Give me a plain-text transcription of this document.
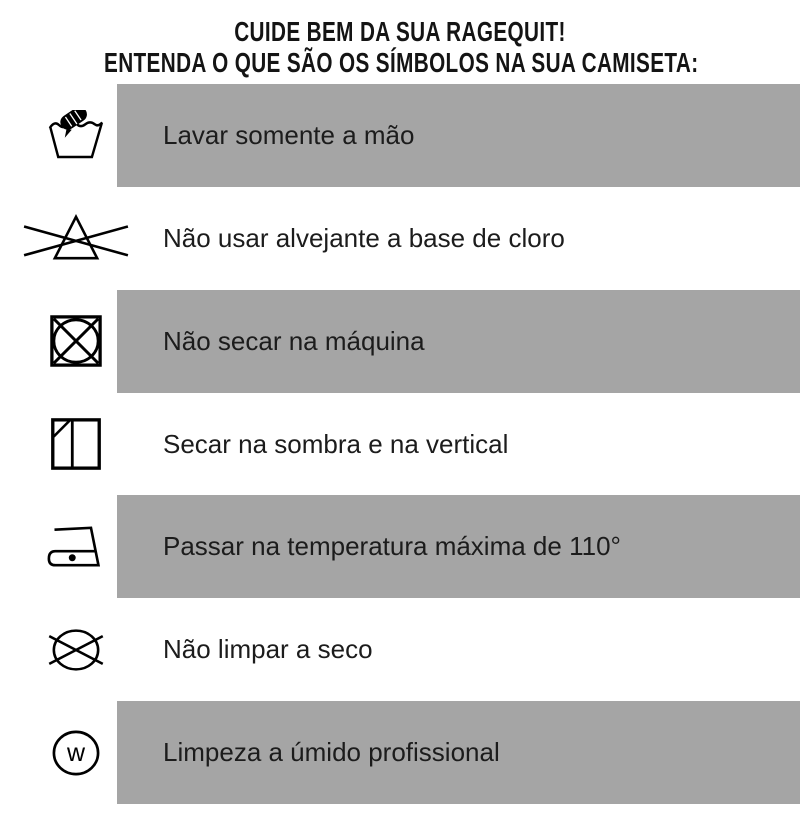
CUIDE BEM DA SUA RAGEQUIT!
ENTENDA O QUE SÃO OS SÍMBOLOS NA SUA CAMISETA:
Lavar somente a mão
Não usar alvejante a base de cloro
Não secar na máquina
Secar na sombra e na vertical
Passar na temperatura máxima de 110°
Não limpar a seco
w	Limpeza a úmido profissional
